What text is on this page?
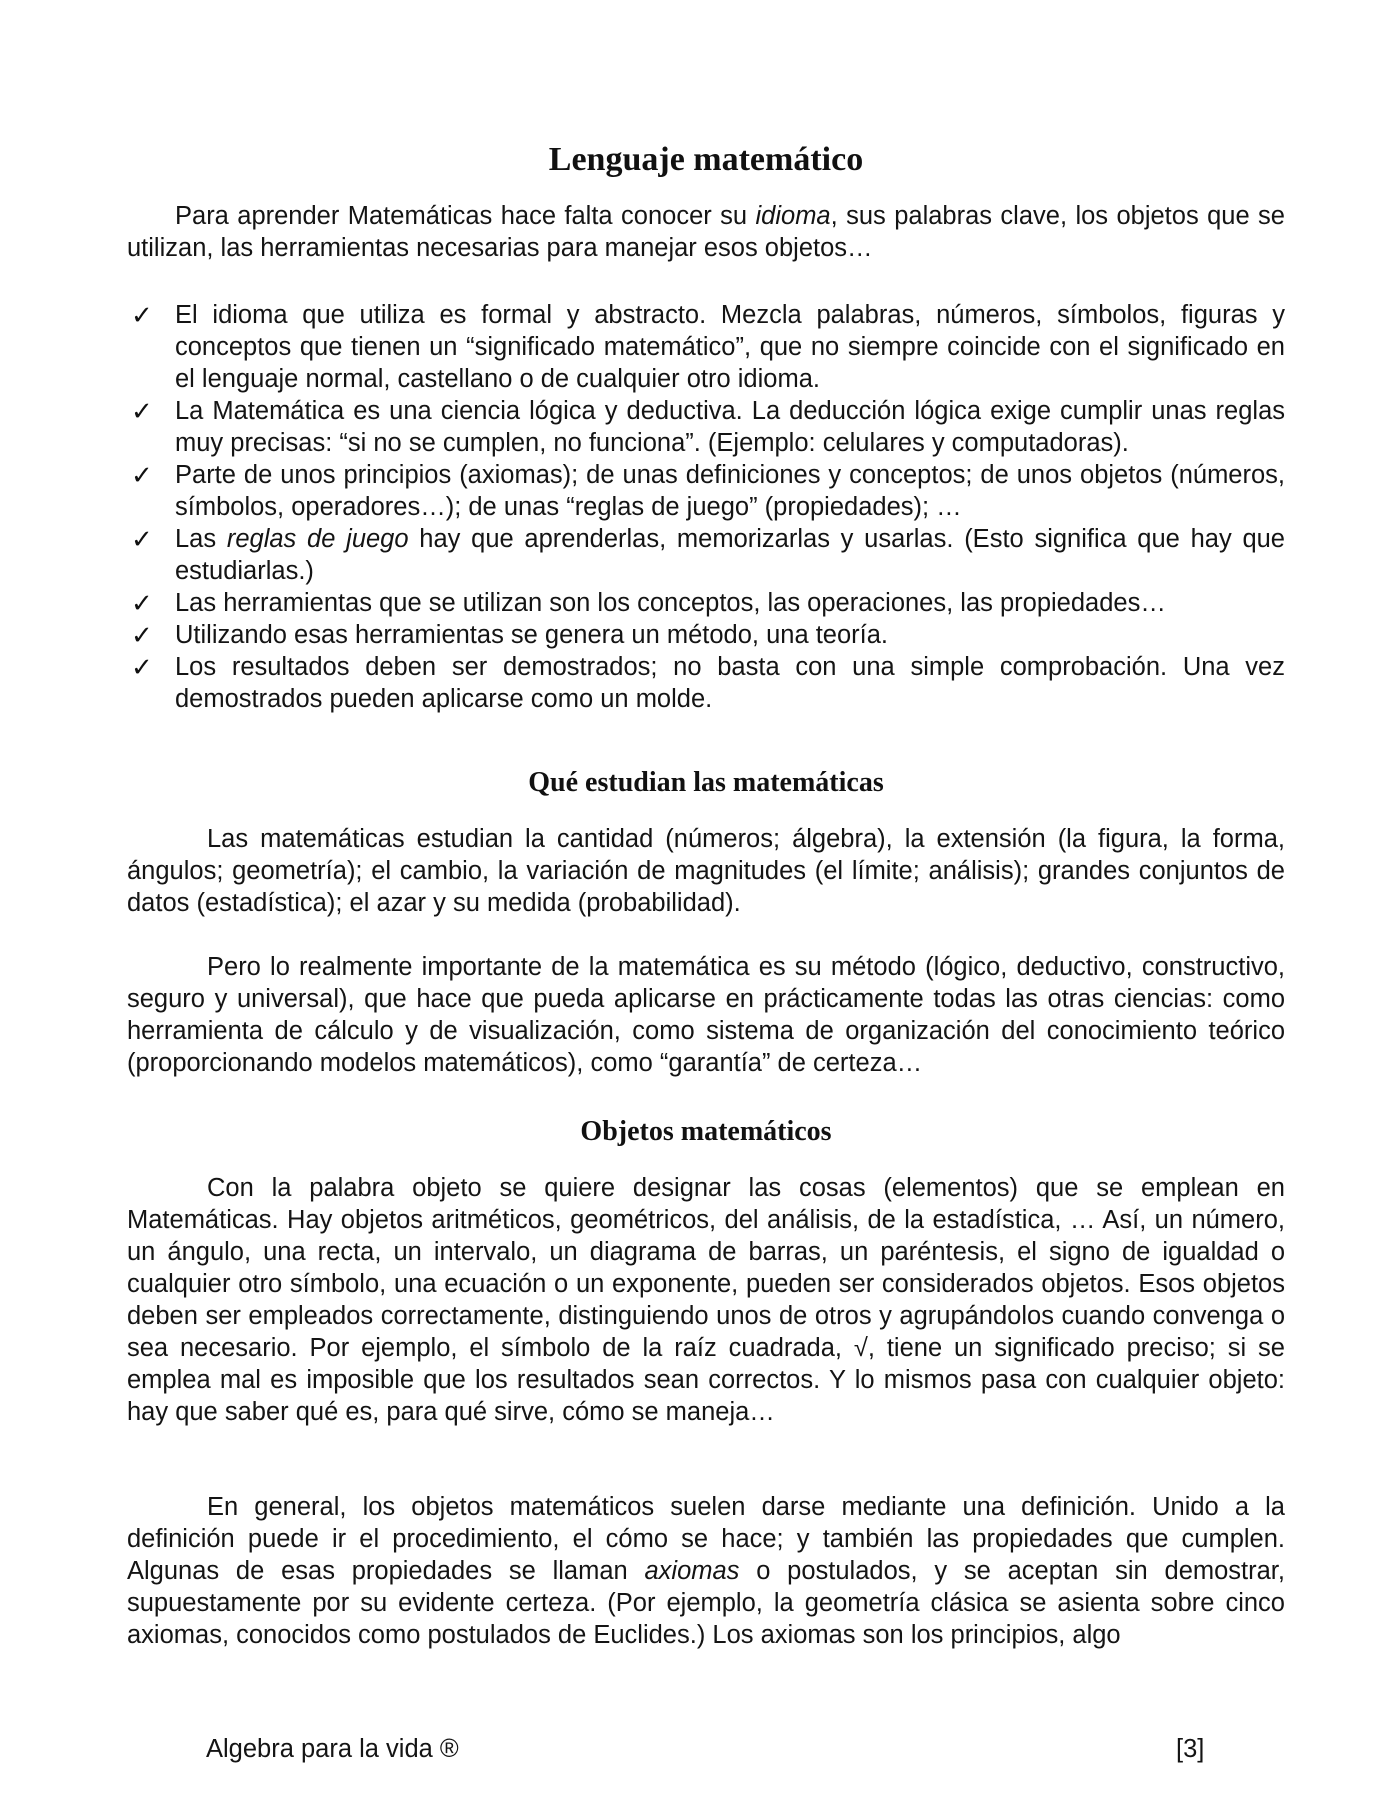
Lenguaje matemático

Para aprender Matemáticas hace falta conocer su idioma, sus palabras clave, los objetos que se utilizan, las herramientas necesarias para manejar esos objetos…

✓ El idioma que utiliza es formal y abstracto. Mezcla palabras, números, símbolos, figuras y conceptos que tienen un “significado matemático”, que no siempre coincide con el significado en el lenguaje normal, castellano o de cualquier otro idioma.
✓ La Matemática es una ciencia lógica y deductiva. La deducción lógica exige cumplir unas reglas muy precisas: “si no se cumplen, no funciona”. (Ejemplo: celulares y computadoras).
✓ Parte de unos principios (axiomas); de unas definiciones y conceptos; de unos objetos (números, símbolos, operadores…); de unas “reglas de juego” (propiedades); …
✓ Las reglas de juego hay que aprenderlas, memorizarlas y usarlas. (Esto significa que hay que estudiarlas.)
✓ Las herramientas que se utilizan son los conceptos, las operaciones, las propiedades…
✓ Utilizando esas herramientas se genera un método, una teoría.
✓ Los resultados deben ser demostrados; no basta con una simple comprobación. Una vez demostrados pueden aplicarse como un molde.
Qué estudian las matemáticas

Las matemáticas estudian la cantidad (números; álgebra), la extensión (la figura, la forma, ángulos; geometría); el cambio, la variación de magnitudes (el límite; análisis); grandes conjuntos de datos (estadística); el azar y su medida (probabilidad).

Pero lo realmente importante de la matemática es su método (lógico, deductivo, constructivo, seguro y universal), que hace que pueda aplicarse en prácticamente todas las otras ciencias: como herramienta de cálculo y de visualización, como sistema de organización del conocimiento teórico (proporcionando modelos matemáticos), como “garantía” de certeza…

Objetos matemáticos

Con la palabra objeto se quiere designar las cosas (elementos) que se emplean en Matemáticas. Hay objetos aritméticos, geométricos, del análisis, de la estadística, … Así, un número, un ángulo, una recta, un intervalo, un diagrama de barras, un paréntesis, el signo de igualdad o cualquier otro símbolo, una ecuación o un exponente, pueden ser considerados objetos. Esos objetos deben ser empleados correctamente, distinguiendo unos de otros y agrupándolos cuando convenga o sea necesario. Por ejemplo, el símbolo de la raíz cuadrada, √, tiene un significado preciso; si se emplea mal es imposible que los resultados sean correctos. Y lo mismos pasa con cualquier objeto: hay que saber qué es, para qué sirve, cómo se maneja…

En general, los objetos matemáticos suelen darse mediante una definición. Unido a la definición puede ir el procedimiento, el cómo se hace; y también las propiedades que cumplen. Algunas de esas propiedades se llaman axiomas o postulados, y se aceptan sin demostrar, supuestamente por su evidente certeza. (Por ejemplo, la geometría clásica se asienta sobre cinco axiomas, conocidos como postulados de Euclides.) Los axiomas son los principios, algo

Algebra para la vida ®	[3]
